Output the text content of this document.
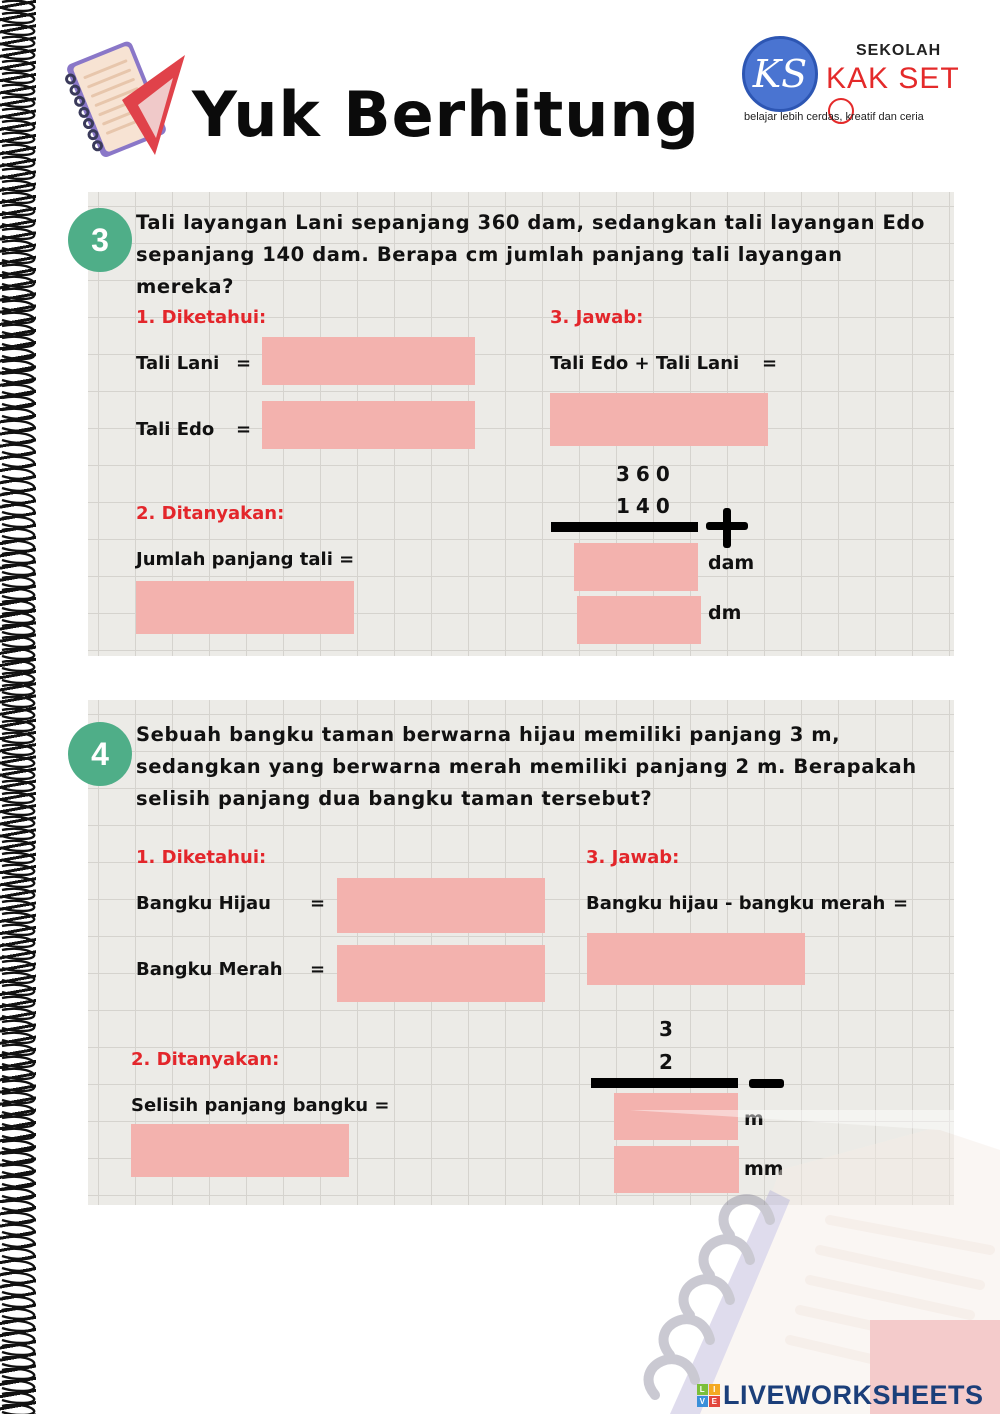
Yuk Berhitung
KS
SEKOLAH
KAK SET
belajar lebih cerdas, kreatif dan ceria
3	Tali layangan Lani sepanjang 360 dam, sedangkan tali layangan Edo sepanjang 140 dam. Berapa cm jumlah panjang tali layangan mereka?
1. Diketahui:
Tali Lani =
Tali Edo =
2. Ditanyakan:
Jumlah panjang tali =
3. Jawab:
Tali Edo + Tali Lani =
360
140
dam
dm
4
Sebuah bangku taman berwarna hijau memiliki panjang 3 m, sedangkan yang berwarna merah memiliki panjang 2 m. Berapakah selisih panjang dua bangku taman tersebut?
1. Diketahui:
Bangku Hijau =
Bangku Merah =
2. Ditanyakan:
Selisih panjang bangku =
3. Jawab:
Bangku hijau - bangku merah =
3
2
m
mm
L I
V E LIVEWORKSHEETS
